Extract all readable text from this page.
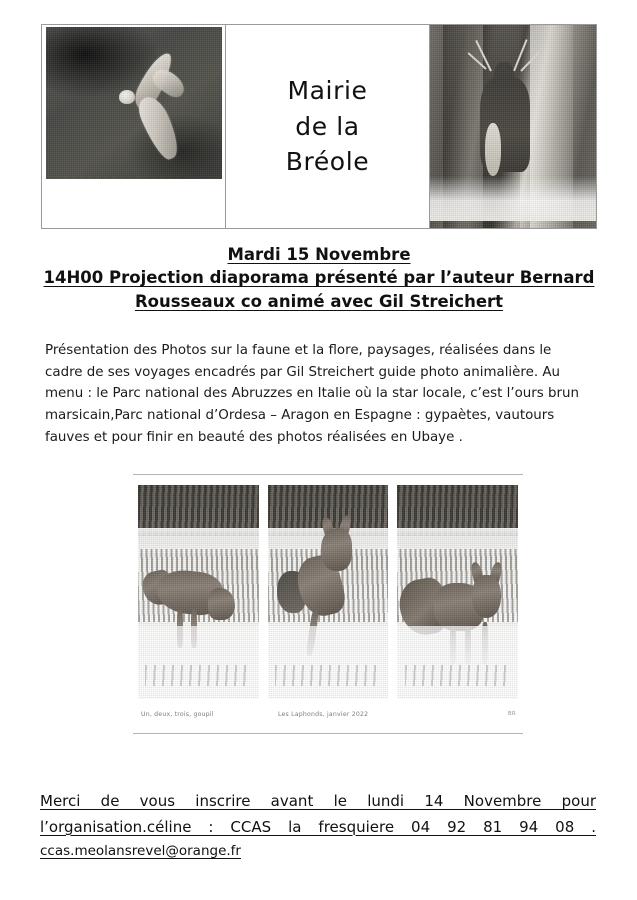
Mairie
de la
Bréole
Mardi 15 Novembre
14H00 Projection diaporama présenté par l’auteur Bernard
Rousseaux co animé avec Gil Streichert
Présentation des Photos sur la faune et la flore, paysages, réalisées dans le cadre de ses voyages encadrés par Gil Streichert guide photo animalière. Au menu : le Parc national des Abruzzes en Italie où la star locale, c’est l’ours brun marsicain,Parc national d’Ordesa – Aragon en Espagne : gypaètes, vautours fauves et pour finir en beauté des photos réalisées en Ubaye .
Un, deux, trois, goupil	Les Laphonds, janvier 2022	BR
Merci de vous inscrire avant le lundi 14 Novembre pour
l’organisation.céline : CCAS la fresquiere 04 92 81 94 08 .
ccas.meolansrevel@orange.fr
